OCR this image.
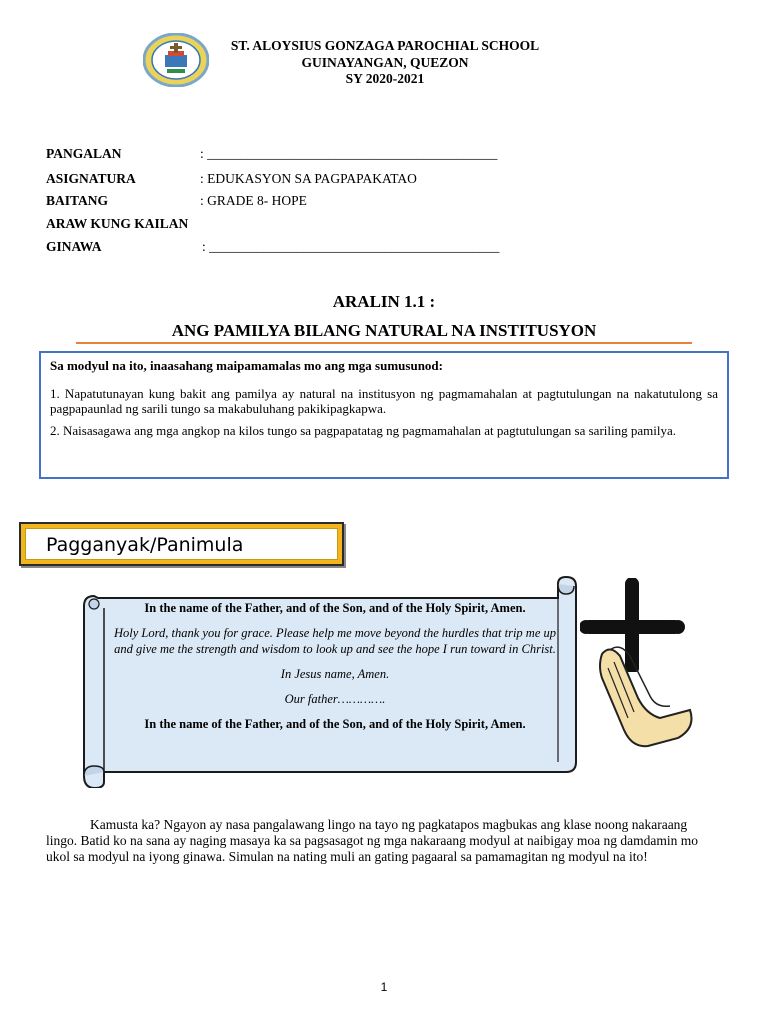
ST. ALOYSIUS GONZAGA PAROCHIAL SCHOOL
GUINAYANGAN, QUEZON
SY 2020-2021
PANGALAN	: ___________________________________________
ASIGNATURA	: EDUKASYON SA PAGPAPAKATAO
BAITANG	: GRADE 8- HOPE
ARAW KUNG KAILAN
GINAWA	: ___________________________________________
ARALIN 1.1 :
ANG PAMILYA BILANG NATURAL NA INSTITUSYON

Sa modyul na ito, inaasahang maipamamalas mo ang mga sumusunod:

1. Napatutunayan kung bakit ang pamilya ay natural na institusyon ng pagmamahalan at pagtutulungan na nakatutulong sa pagpapaunlad ng sarili tungo sa makabuluhang pakikipagkapwa.

2. Naisasagawa ang mga angkop na kilos tungo sa pagpapatatag ng pagmamahalan at pagtutulungan sa sariling pamilya.

Pagganyak/Panimula

In the name of the Father, and of the Son, and of the Holy Spirit, Amen.

Holy Lord, thank you for grace. Please help me move beyond the hurdles that trip me up and give me the strength and wisdom to look up and see the hope I run toward in Christ.

In Jesus name, Amen.

Our father………….

In the name of the Father, and of the Son, and of the Holy Spirit, Amen.

Kamusta ka? Ngayon ay nasa pangalawang lingo na tayo ng pagkatapos magbukas ang klase noong nakaraang lingo. Batid ko na sana ay naging masaya ka sa pagsasagot ng mga nakaraang modyul at naibigay moa ng damdamin mo ukol sa modyul na iyong ginawa. Simulan na nating muli an gating pagaaral sa pamamagitan ng modyul na ito!
1
